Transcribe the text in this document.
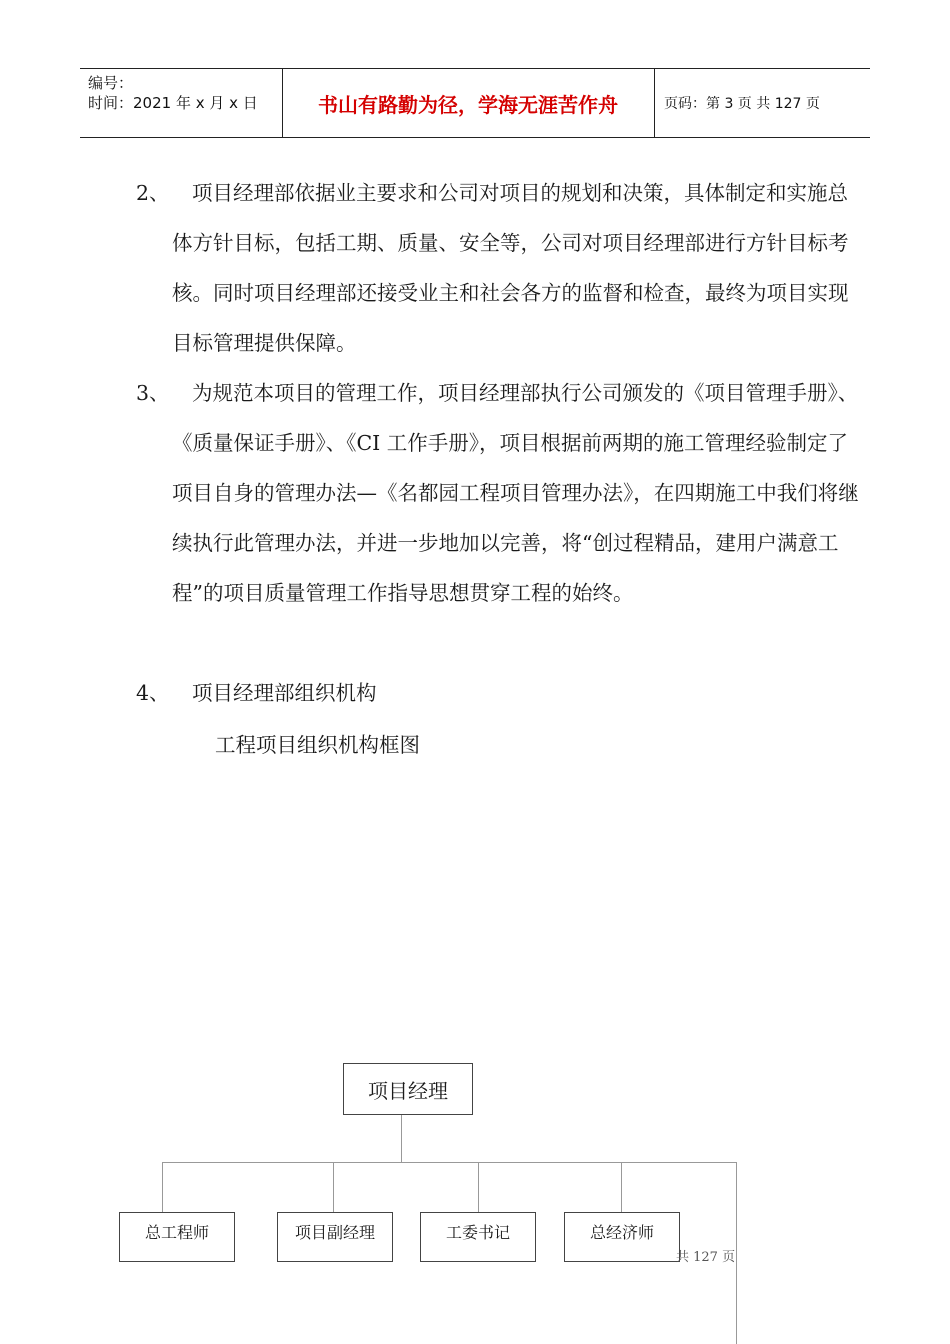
编号：
时间：2021 年 x 月 x 日	书山有路勤为径，学海无涯苦作舟	页码：第 3 页 共 127 页
2、	项目经理部依据业主要求和公司对项目的规划和决策，具体制定和实施总体方针目标，包括工期、质量、安全等，公司对项目经理部进行方针目标考核。同时项目经理部还接受业主和社会各方的监督和检查，最终为项目实现目标管理提供保障。
3、	为规范本项目的管理工作，项目经理部执行公司颁发的《项目管理手册》、《质量保证手册》、《CI 工作手册》，项目根据前两期的施工管理经验制定了项目自身的管理办法—《名都园工程项目管理办法》，在四期施工中我们将继续执行此管理办法，并进一步地加以完善，将“创过程精品，建用户满意工程”的项目质量管理工作指导思想贯穿工程的始终。
4、	项目经理部组织机构
工程项目组织机构框图
项目经理
总工程师	项目副经理	工委书记	总经济师
共 127 页
